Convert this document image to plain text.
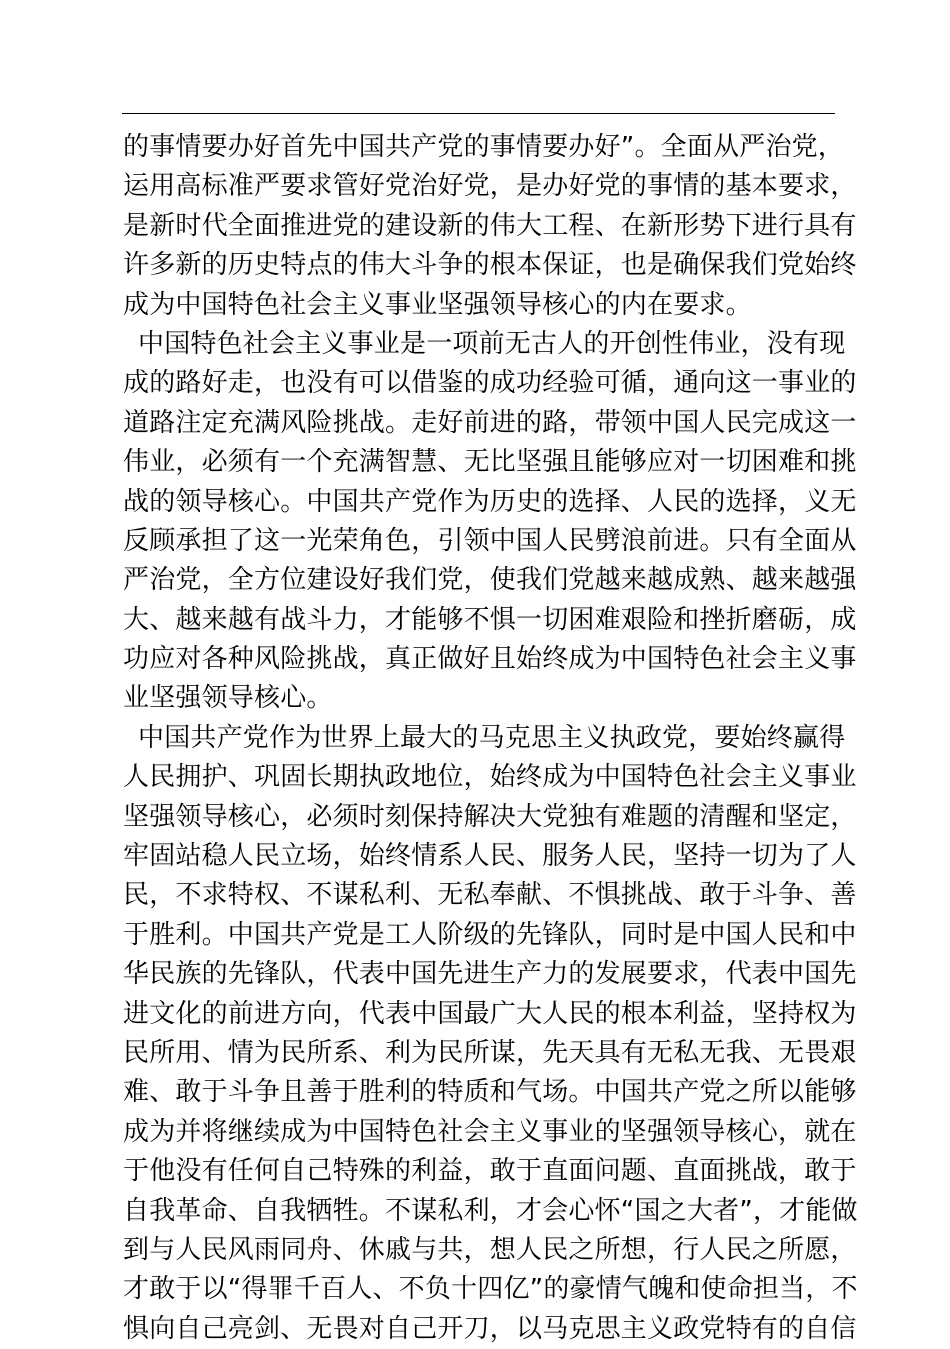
的事情要办好首先中国共产党的事情要办好”。全面从严治党，
运用高标准严要求管好党治好党，是办好党的事情的基本要求，
是新时代全面推进党的建设新的伟大工程、在新形势下进行具有
许多新的历史特点的伟大斗争的根本保证，也是确保我们党始终
成为中国特色社会主义事业坚强领导核心的内在要求。
中国特色社会主义事业是一项前无古人的开创性伟业，没有现
成的路好走，也没有可以借鉴的成功经验可循，通向这一事业的
道路注定充满风险挑战。走好前进的路，带领中国人民完成这一
伟业，必须有一个充满智慧、无比坚强且能够应对一切困难和挑
战的领导核心。中国共产党作为历史的选择、人民的选择，义无
反顾承担了这一光荣角色，引领中国人民劈浪前进。只有全面从
严治党，全方位建设好我们党，使我们党越来越成熟、越来越强
大、越来越有战斗力，才能够不惧一切困难艰险和挫折磨砺，成
功应对各种风险挑战，真正做好且始终成为中国特色社会主义事
业坚强领导核心。
中国共产党作为世界上最大的马克思主义执政党，要始终赢得
人民拥护、巩固长期执政地位，始终成为中国特色社会主义事业
坚强领导核心，必须时刻保持解决大党独有难题的清醒和坚定，
牢固站稳人民立场，始终情系人民、服务人民，坚持一切为了人
民，不求特权、不谋私利、无私奉献、不惧挑战、敢于斗争、善
于胜利。中国共产党是工人阶级的先锋队，同时是中国人民和中
华民族的先锋队，代表中国先进生产力的发展要求，代表中国先
进文化的前进方向，代表中国最广大人民的根本利益，坚持权为
民所用、情为民所系、利为民所谋，先天具有无私无我、无畏艰
难、敢于斗争且善于胜利的特质和气场。中国共产党之所以能够
成为并将继续成为中国特色社会主义事业的坚强领导核心，就在
于他没有任何自己特殊的利益，敢于直面问题、直面挑战，敢于
自我革命、自我牺牲。不谋私利，才会心怀“国之大者”，才能做
到与人民风雨同舟、休戚与共，想人民之所想，行人民之所愿，
才敢于以“得罪千百人、不负十四亿”的豪情气魄和使命担当，不
惧向自己亮剑、无畏对自己开刀，以马克思主义政党特有的自信
